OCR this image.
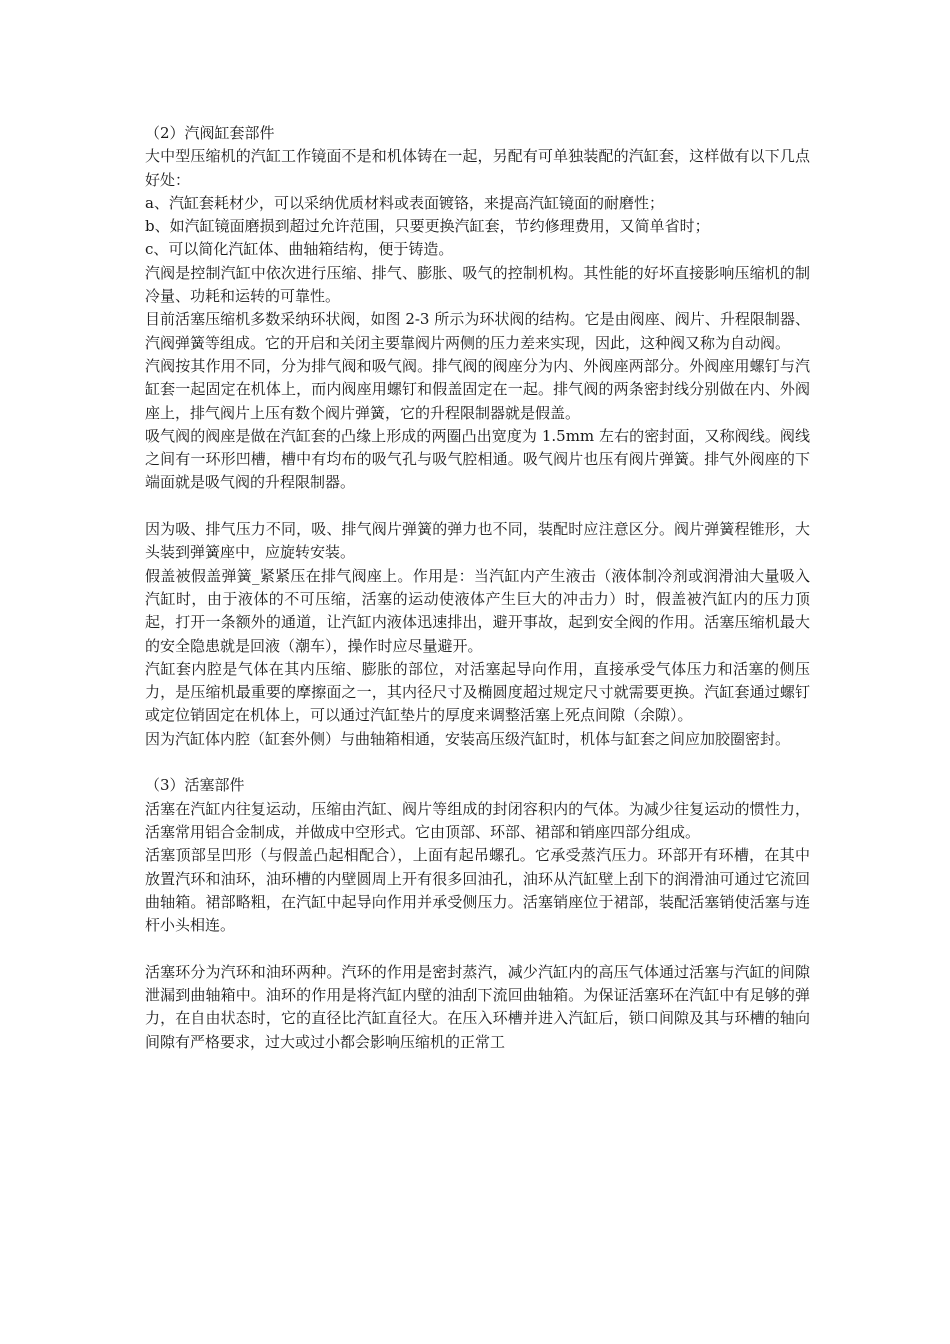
（2）汽阀缸套部件

大中型压缩机的汽缸工作镜面不是和机体铸在一起，另配有可单独装配的汽缸套，这样做有以下几点好处：

a、汽缸套耗材少，可以采纳优质材料或表面镀铬，来提高汽缸镜面的耐磨性；

b、如汽缸镜面磨损到超过允许范围，只要更换汽缸套，节约修理费用，又简单省时；

c、可以简化汽缸体、曲轴箱结构，便于铸造。

汽阀是控制汽缸中依次进行压缩、排气、膨胀、吸气的控制机构。其性能的好坏直接影响压缩机的制冷量、功耗和运转的可靠性。

目前活塞压缩机多数采纳环状阀，如图 2-3 所示为环状阀的结构。它是由阀座、阀片、升程限制器、汽阀弹簧等组成。它的开启和关闭主要靠阀片两侧的压力差来实现，因此，这种阀又称为自动阀。

汽阀按其作用不同，分为排气阀和吸气阀。排气阀的阀座分为内、外阀座两部分。外阀座用螺钉与汽缸套一起固定在机体上，而内阀座用螺钉和假盖固定在一起。排气阀的两条密封线分别做在内、外阀座上，排气阀片上压有数个阀片弹簧，它的升程限制器就是假盖。

吸气阀的阀座是做在汽缸套的凸缘上形成的两圈凸出宽度为 1.5mm 左右的密封面，又称阀线。阀线之间有一环形凹槽，槽中有均布的吸气孔与吸气腔相通。吸气阀片也压有阀片弹簧。排气外阀座的下端面就是吸气阀的升程限制器。

因为吸、排气压力不同，吸、排气阀片弹簧的弹力也不同，装配时应注意区分。阀片弹簧程锥形，大头装到弹簧座中，应旋转安装。

假盖被假盖弹簧_紧紧压在排气阀座上。作用是：当汽缸内产生液击（液体制冷剂或润滑油大量吸入汽缸时，由于液体的不可压缩，活塞的运动使液体产生巨大的冲击力）时，假盖被汽缸内的压力顶起，打开一条额外的通道，让汽缸内液体迅速排出，避开事故，起到安全阀的作用。活塞压缩机最大的安全隐患就是回液（潮车），操作时应尽量避开。

汽缸套内腔是气体在其内压缩、膨胀的部位，对活塞起导向作用，直接承受气体压力和活塞的侧压力，是压缩机最重要的摩擦面之一，其内径尺寸及椭圆度超过规定尺寸就需要更换。汽缸套通过螺钉或定位销固定在机体上，可以通过汽缸垫片的厚度来调整活塞上死点间隙（余隙）。

因为汽缸体内腔（缸套外侧）与曲轴箱相通，安装高压级汽缸时，机体与缸套之间应加胶圈密封。

（3）活塞部件

活塞在汽缸内往复运动，压缩由汽缸、阀片等组成的封闭容积内的气体。为减少往复运动的惯性力，活塞常用铝合金制成，并做成中空形式。它由顶部、环部、裙部和销座四部分组成。

活塞顶部呈凹形（与假盖凸起相配合），上面有起吊螺孔。它承受蒸汽压力。环部开有环槽，在其中放置汽环和油环，油环槽的内壁圆周上开有很多回油孔，油环从汽缸壁上刮下的润滑油可通过它流回曲轴箱。裙部略粗，在汽缸中起导向作用并承受侧压力。活塞销座位于裙部，装配活塞销使活塞与连杆小头相连。

活塞环分为汽环和油环两种。汽环的作用是密封蒸汽，减少汽缸内的高压气体通过活塞与汽缸的间隙泄漏到曲轴箱中。油环的作用是将汽缸内壁的油刮下流回曲轴箱。为保证活塞环在汽缸中有足够的弹力，在自由状态时，它的直径比汽缸直径大。在压入环槽并进入汽缸后，锁口间隙及其与环槽的轴向间隙有严格要求，过大或过小都会影响压缩机的正常工
